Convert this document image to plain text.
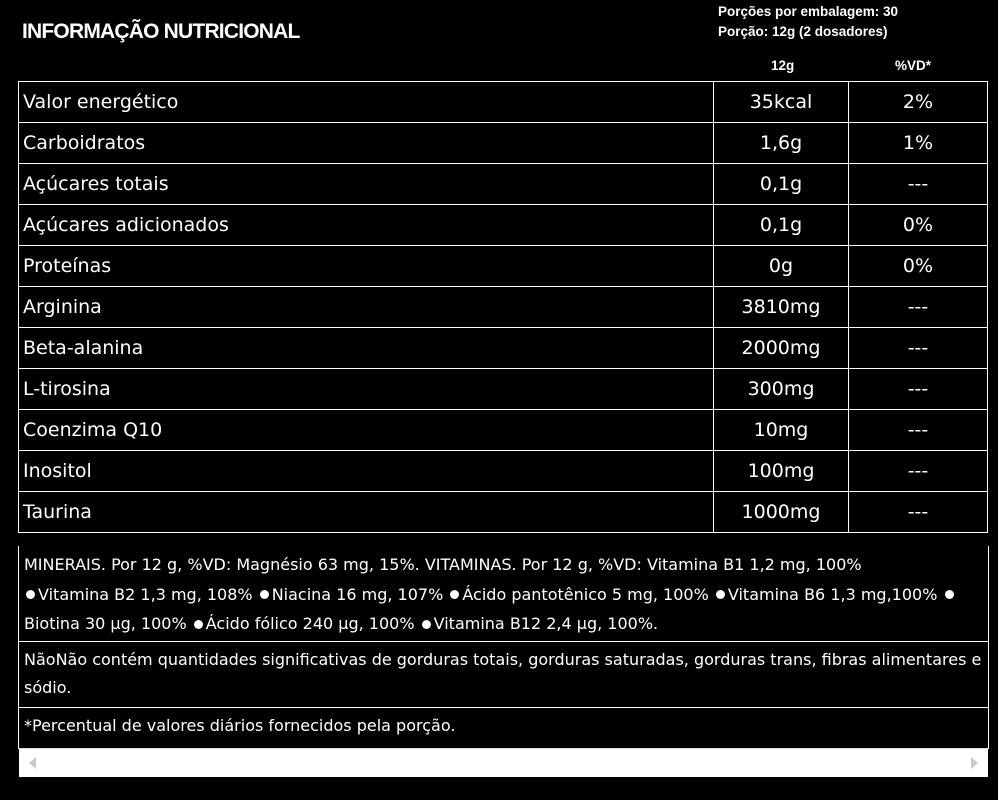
INFORMAÇÃO NUTRICIONAL
Porções por embalagem: 30
Porção: 12g (2 dosadores)
12g	%VD*
Valor energético	35kcal	2%
Carboidratos	1,6g	1%
Açúcares totais	0,1g	---
Açúcares adicionados	0,1g	0%
Proteínas	0g	0%
Arginina	3810mg	---
Beta-alanina	2000mg	---
L-tirosina	300mg	---
Coenzima Q10	10mg	---
Inositol	100mg	---
Taurina	1000mg	---
MINERAIS. Por 12 g, %VD: Magnésio 63 mg, 15%. VITAMINAS. Por 12 g, %VD: Vitamina B1 1,2 mg, 100%
Vitamina B2 1,3 mg, 108% Niacina 16 mg, 107% Ácido pantotênico 5 mg, 100% Vitamina B6 1,3 mg,100% Biotina 30 µg, 100% Ácido fólico 240 µg, 100% Vitamina B12 2,4 µg, 100%.
NãoNão contém quantidades significativas de gorduras totais, gorduras saturadas, gorduras trans, fibras alimentares e sódio.
*Percentual de valores diários fornecidos pela porção.
